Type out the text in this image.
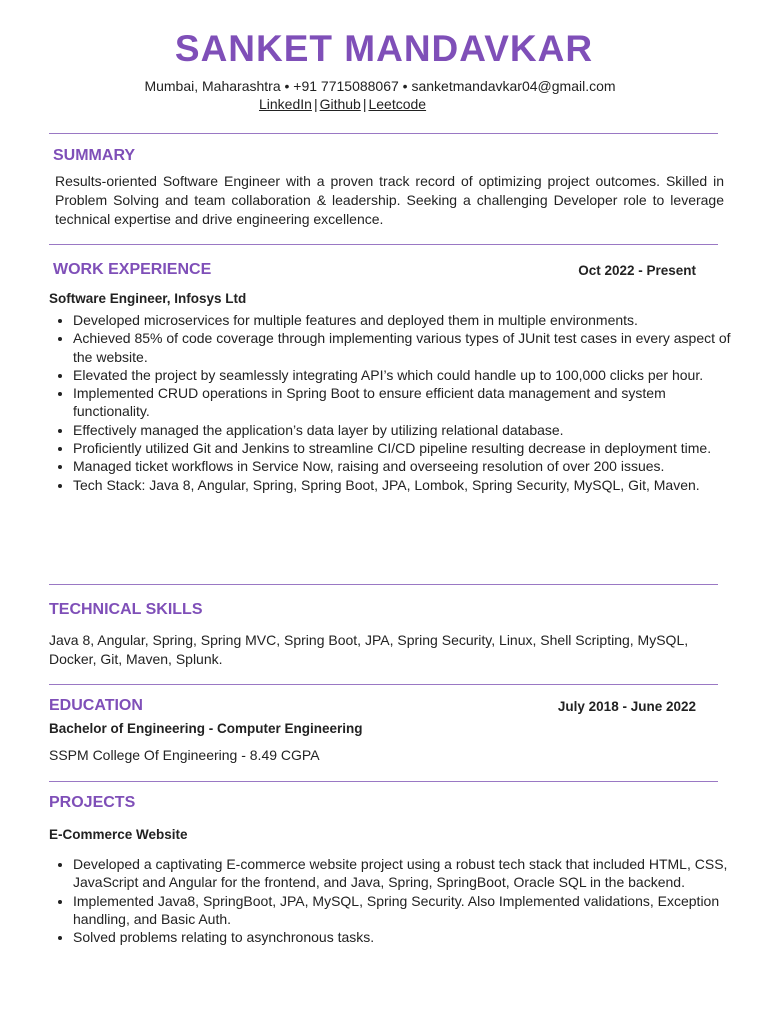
SANKET MANDAVKAR
Mumbai, Maharashtra • +91 7715088067 • sanketmandavkar04@gmail.com
LinkedIn | Github | Leetcode
SUMMARY
Results-oriented Software Engineer with a proven track record of optimizing project outcomes. Skilled in Problem Solving and team collaboration & leadership. Seeking a challenging Developer role to leverage technical expertise and drive engineering excellence.
WORK EXPERIENCE	Oct 2022 - Present
Software Engineer, Infosys Ltd
• Developed microservices for multiple features and deployed them in multiple environments.
• Achieved 85% of code coverage through implementing various types of JUnit test cases in every aspect of the website.
• Elevated the project by seamlessly integrating API’s which could handle up to 100,000 clicks per hour.
• Implemented CRUD operations in Spring Boot to ensure efficient data management and system functionality.
• Effectively managed the application’s data layer by utilizing relational database.
• Proficiently utilized Git and Jenkins to streamline CI/CD pipeline resulting decrease in deployment time.
• Managed ticket workflows in Service Now, raising and overseeing resolution of over 200 issues.
• Tech Stack: Java 8, Angular, Spring, Spring Boot, JPA, Lombok, Spring Security, MySQL, Git, Maven.
TECHNICAL SKILLS
Java 8, Angular, Spring, Spring MVC, Spring Boot, JPA, Spring Security, Linux, Shell Scripting, MySQL, Docker, Git, Maven, Splunk.
EDUCATION	July 2018 - June 2022
Bachelor of Engineering - Computer Engineering
SSPM College Of Engineering - 8.49 CGPA
PROJECTS
E-Commerce Website
• Developed a captivating E-commerce website project using a robust tech stack that included HTML, CSS, JavaScript and Angular for the frontend, and Java, Spring, SpringBoot, Oracle SQL in the backend.
• Implemented Java8, SpringBoot, JPA, MySQL, Spring Security. Also Implemented validations, Exception handling, and Basic Auth.
• Solved problems relating to asynchronous tasks.
